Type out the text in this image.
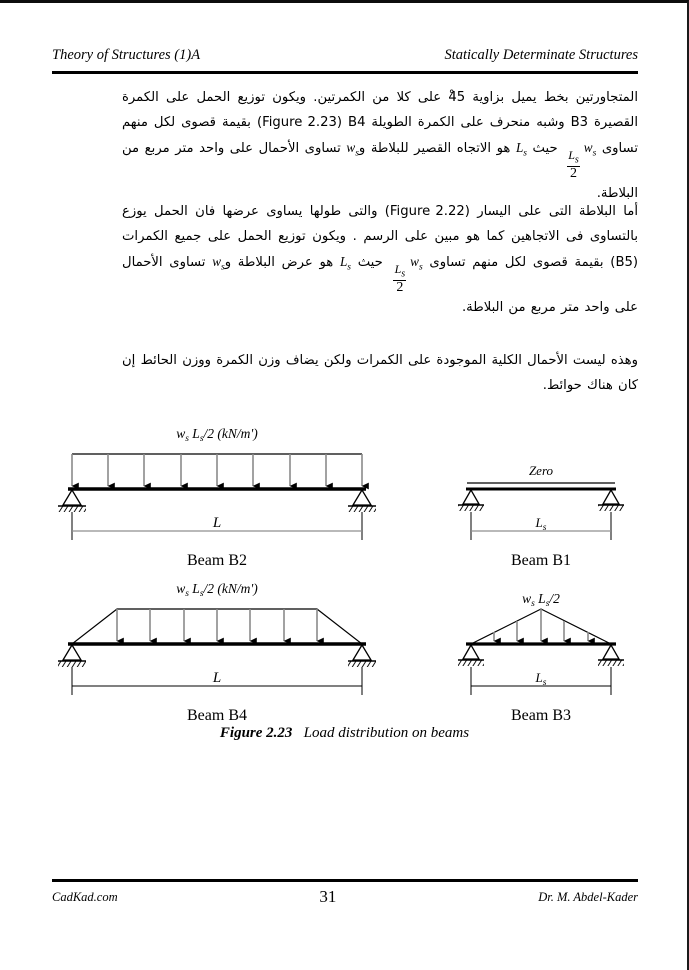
Theory of Structures (1)A	Statically Determinate Structures
المتجاورتين بخط يميل بزاوية 45 على كلا من الكمرتين. ويكون توزيع الحمل على الكمرة القصيرة B3 وشبه منحرف على الكمرة الطويلة B4 (Figure 2.23) بقيمة قصوى لكل منهم تساوى $w_s$
$\frac{L_s}{2}$
حيث $L_s$ هو الاتجاه القصير للبلاطة وw$_s$ تساوى الأحمال على واحد متر مربع من البلاطة.
أما البلاطة التى على اليسار (Figure 2.22) والتى طولها يساوى عرضها فان الحمل يوزع بالتساوى فى الاتجاهين كما هو مبين على الرسم . ويكون توزيع الحمل على جميع الكمرات (B5) بقيمة قصوى لكل منهم تساوى $w_s$
$\frac{L_s}{2}$
حيث $L_s$ هو عرض البلاطة وw$_s$ تساوى الأحمال على واحد متر مربع من البلاطة.
وهذه ليست الأحمال الكلية الموجودة على الكمرات ولكن يضاف وزن الكمرة ووزن الحائط إن كان هناك حوائط.
$w_s$ $L_s/2$ (kN/m')
L
Beam B2
Zero
$L_s$
Beam B1
$w_s$ $L_s/2$ (kN/m')
L
Beam B4
$w_s$ $L_s/2$
$L_s$
Beam B3
Figure 2.23 Load distribution on beams
CadKad.com	31	Dr. M. Abdel-Kader
